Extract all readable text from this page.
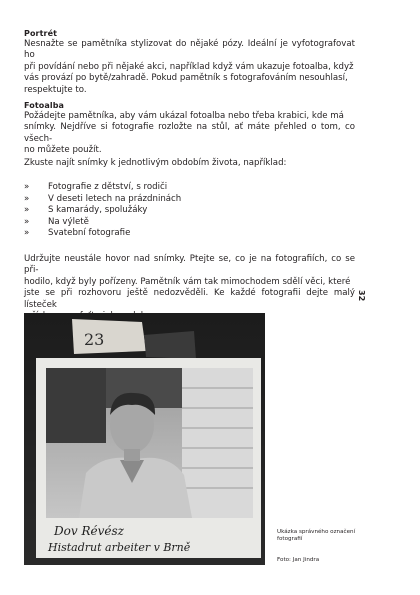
Portrét
Nesnažte se pamětníka stylizovat do nějaké pózy. Ideální je vyfotografovat ho
při povídání nebo při nějaké akci, například když vám ukazuje fotoalba, když
vás provází po bytě/zahradě. Pokud pamětník s fotografováním nesouhlasí,
respektujte to.
Fotoalba
Požádejte pamětníka, aby vám ukázal fotoalba nebo třeba krabici, kde má
snímky. Nejdříve si fotografie rozložte na stůl, ať máte přehled o tom, co všech-
no můžete použít.
Zkuste najít snímky k jednotlivým obdobím života, například:
»	Fotografie z dětství, s rodiči
»	V deseti letech na prázdninách
»	S kamarády, spolužáky
»	Na výletě
»	Svatební fotografie
Udržujte neustále hovor nad snímky. Ptejte se, co je na fotografiích, co se při-
hodilo, když byly pořízeny. Pamětník vám tak mimochodem sdělí věci, které
jste se při rozhovoru ještě nedozvěděli. Ke každé fotografii dejte malý lísteček
32
23
Dov Révész
Histadrut arbeiter v Brně
Ukázka správného označení
fotografií
Foto: Jan Jindra
